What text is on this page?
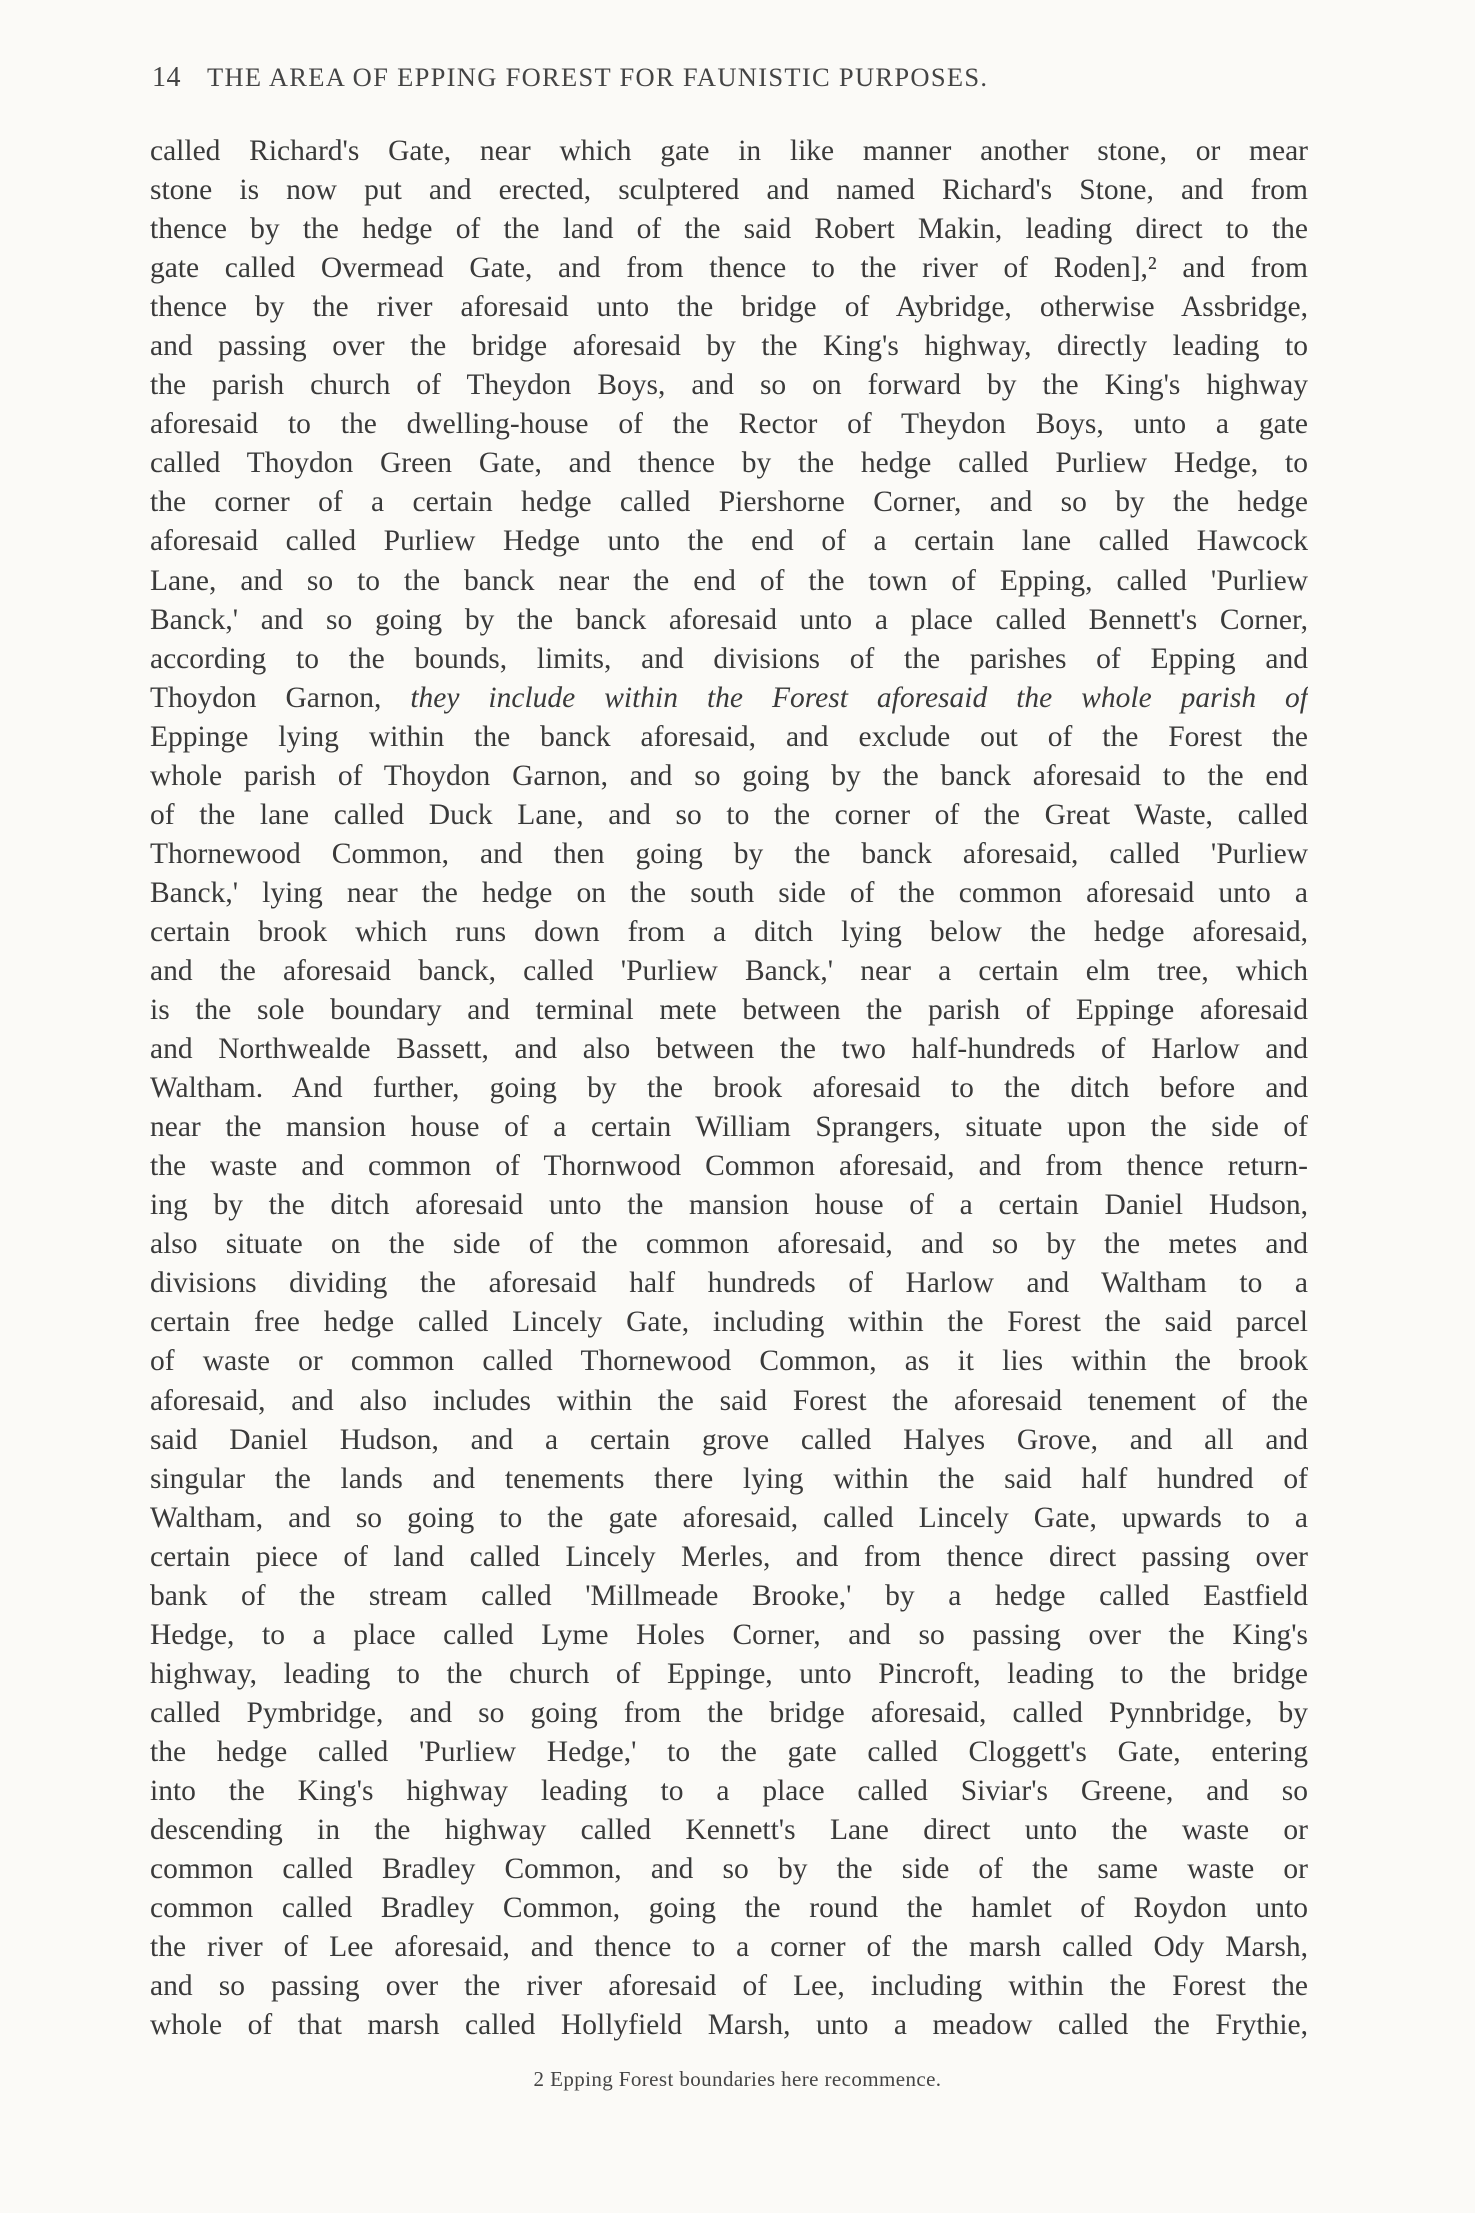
14 THE AREA OF EPPING FOREST FOR FAUNISTIC PURPOSES.
called Richard's Gate, near which gate in like manner another stone, or mear
stone is now put and erected, sculptered and named Richard's Stone, and from
thence by the hedge of the land of the said Robert Makin, leading direct to the
gate called Overmead Gate, and from thence to the river of Roden],² and from
thence by the river aforesaid unto the bridge of Aybridge, otherwise Assbridge,
and passing over the bridge aforesaid by the King's highway, directly leading to
the parish church of Theydon Boys, and so on forward by the King's highway
aforesaid to the dwelling-house of the Rector of Theydon Boys, unto a gate
called Thoydon Green Gate, and thence by the hedge called Purliew Hedge, to
the corner of a certain hedge called Piershorne Corner, and so by the hedge
aforesaid called Purliew Hedge unto the end of a certain lane called Hawcock
Lane, and so to the banck near the end of the town of Epping, called 'Purliew
Banck,' and so going by the banck aforesaid unto a place called Bennett's Corner,
according to the bounds, limits, and divisions of the parishes of Epping and
Thoydon Garnon, they include within the Forest aforesaid the whole parish of
Eppinge lying within the banck aforesaid, and exclude out of the Forest the
whole parish of Thoydon Garnon, and so going by the banck aforesaid to the end
of the lane called Duck Lane, and so to the corner of the Great Waste, called
Thornewood Common, and then going by the banck aforesaid, called 'Purliew
Banck,' lying near the hedge on the south side of the common aforesaid unto a
certain brook which runs down from a ditch lying below the hedge aforesaid,
and the aforesaid banck, called 'Purliew Banck,' near a certain elm tree, which
is the sole boundary and terminal mete between the parish of Eppinge aforesaid
and Northwealde Bassett, and also between the two half-hundreds of Harlow and
Waltham. And further, going by the brook aforesaid to the ditch before and
near the mansion house of a certain William Sprangers, situate upon the side of
the waste and common of Thornwood Common aforesaid, and from thence return-
ing by the ditch aforesaid unto the mansion house of a certain Daniel Hudson,
also situate on the side of the common aforesaid, and so by the metes and
divisions dividing the aforesaid half hundreds of Harlow and Waltham to a
certain free hedge called Lincely Gate, including within the Forest the said parcel
of waste or common called Thornewood Common, as it lies within the brook
aforesaid, and also includes within the said Forest the aforesaid tenement of the
said Daniel Hudson, and a certain grove called Halyes Grove, and all and
singular the lands and tenements there lying within the said half hundred of
Waltham, and so going to the gate aforesaid, called Lincely Gate, upwards to a
certain piece of land called Lincely Merles, and from thence direct passing over
bank of the stream called 'Millmeade Brooke,' by a hedge called Eastfield
Hedge, to a place called Lyme Holes Corner, and so passing over the King's
highway, leading to the church of Eppinge, unto Pincroft, leading to the bridge
called Pymbridge, and so going from the bridge aforesaid, called Pynnbridge, by
the hedge called 'Purliew Hedge,' to the gate called Cloggett's Gate, entering
into the King's highway leading to a place called Siviar's Greene, and so
descending in the highway called Kennett's Lane direct unto the waste or
common called Bradley Common, and so by the side of the same waste or
common called Bradley Common, going the round the hamlet of Roydon unto
the river of Lee aforesaid, and thence to a corner of the marsh called Ody Marsh,
and so passing over the river aforesaid of Lee, including within the Forest the
whole of that marsh called Hollyfield Marsh, unto a meadow called the Frythie,
2 Epping Forest boundaries here recommence.
